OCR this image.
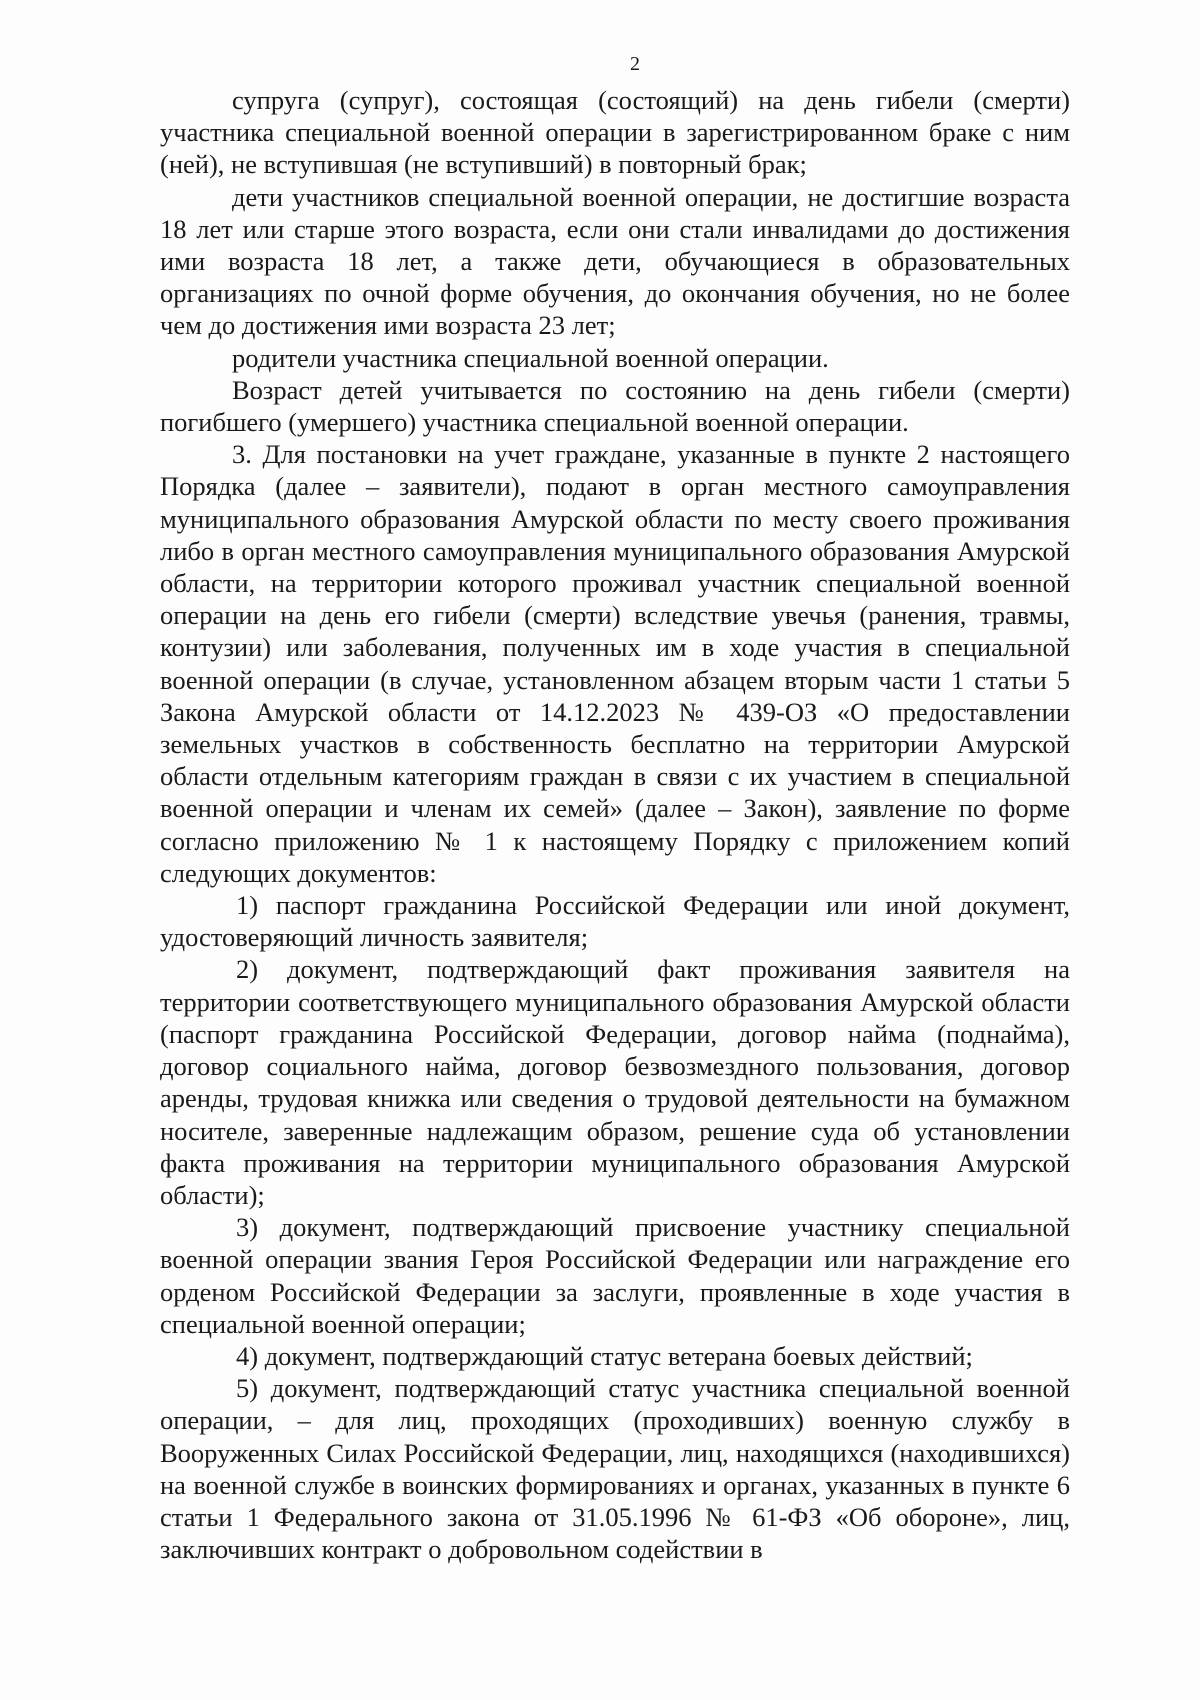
2

супруга (супруг), состоящая (состоящий) на день гибели (смерти) участника специальной военной операции в зарегистрированном браке с ним (ней), не вступившая (не вступивший) в повторный брак;

дети участников специальной военной операции, не достигшие возраста 18 лет или старше этого возраста, если они стали инвалидами до достижения ими возраста 18 лет, а также дети, обучающиеся в образовательных организациях по очной форме обучения, до окончания обучения, но не более чем до достижения ими возраста 23 лет;

родители участника специальной военной операции.

Возраст детей учитывается по состоянию на день гибели (смерти) погибшего (умершего) участника специальной военной операции.

3. Для постановки на учет граждане, указанные в пункте 2 настоящего Порядка (далее – заявители), подают в орган местного самоуправления муниципального образования Амурской области по месту своего проживания либо в орган местного самоуправления муниципального образования Амурской области, на территории которого проживал участник специальной военной операции на день его гибели (смерти) вследствие увечья (ранения, травмы, контузии) или заболевания, полученных им в ходе участия в специальной военной операции (в случае, установленном абзацем вторым части 1 статьи 5 Закона Амурской области от 14.12.2023 № 439-ОЗ «О предоставлении земельных участков в собственность бесплатно на территории Амурской области отдельным категориям граждан в связи с их участием в специальной военной операции и членам их семей» (далее – Закон), заявление по форме согласно приложению № 1 к настоящему Порядку с приложением копий следующих документов:

1) паспорт гражданина Российской Федерации или иной документ, удостоверяющий личность заявителя;

2) документ, подтверждающий факт проживания заявителя на территории соответствующего муниципального образования Амурской области (паспорт гражданина Российской Федерации, договор найма (поднайма), договор социального найма, договор безвозмездного пользования, договор аренды, трудовая книжка или сведения о трудовой деятельности на бумажном носителе, заверенные надлежащим образом, решение суда об установлении факта проживания на территории муниципального образования Амурской области);

3) документ, подтверждающий присвоение участнику специальной военной операции звания Героя Российской Федерации или награждение его орденом Российской Федерации за заслуги, проявленные в ходе участия в специальной военной операции;

4) документ, подтверждающий статус ветерана боевых действий;

5) документ, подтверждающий статус участника специальной военной операции, – для лиц, проходящих (проходивших) военную службу в Вооруженных Силах Российской Федерации, лиц, находящихся (находившихся) на военной службе в воинских формированиях и органах, указанных в пункте 6 статьи 1 Федерального закона от 31.05.1996 № 61-ФЗ «Об обороне», лиц, заключивших контракт о добровольном содействии в
